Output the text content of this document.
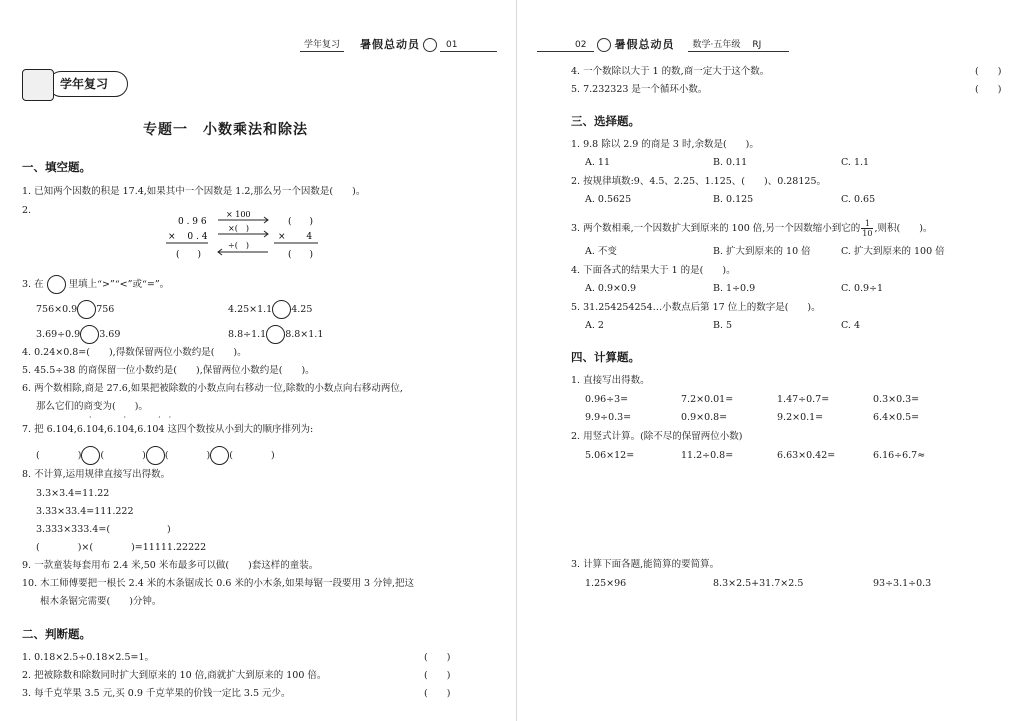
学年复习	暑假总动员	01
学年复习
专题一　小数乘法和除法
一、填空题。
1. 已知两个因数的积是 17.4,如果其中一个因数是 1.2,那么另一个因数是(　　)。
2.
0 . 9 6
× 　0 . 4
(　　)
× 100
×(　)
÷(　)
(　　)
× 　　4
(　　)
3. 在	里填上“>”“<”或“=”。
756×0.9 756	4.25×1.1 4.25
3.69÷0.9 3.69	8.8÷1.1 8.8×1.1
4. 0.24×0.8=(　　),得数保留两位小数约是(　　)。
5. 45.5÷38 的商保留一位小数约是(　　),保留两位小数约是(　　)。
6. 两个数相除,商是 27.6,如果把被除数的小数点向右移动一位,除数的小数点向右移动两位,
那么它们的商变为(　　)。
·　　　　·　　　　·　·
7. 把 6.104,6.104,6.104,6.104 这四个数按从小到大的顺序排列为:
(　　　　) (　　　　) (　　　　) (　　　　)
8. 不计算,运用规律直接写出得数。
3.3×3.4=11.22
3.33×33.4=111.222
3.333×333.4=(　　　　　　)
(　　　　)×(　　　　)=11111.22222
9. 一款童装每套用布 2.4 米,50 米布最多可以做(　　)套这样的童装。
10. 木工师傅要把一根长 2.4 米的木条锯成长 0.6 米的小木条,如果每锯一段要用 3 分钟,把这
根木条锯完需要(　　)分钟。
二、判断题。
1. 0.18×2.5÷0.18×2.5=1。	(　　)
2. 把被除数和除数同时扩大到原来的 10 倍,商就扩大到原来的 100 倍。	(　　)
3. 每千克苹果 3.5 元,买 0.9 千克苹果的价钱一定比 3.5 元少。	(　　)
02	暑假总动员	数学·五年级	RJ
4. 一个数除以大于 1 的数,商一定大于这个数。	(　　)
5. 7.232323 是一个循环小数。	(　　)
三、选择题。
1. 9.8 除以 2.9 的商是 3 时,余数是(　　)。
A. 11	B. 0.11	C. 1.1
2. 按规律填数:9、4.5、2.25、1.125、(　　)、0.28125。
A. 0.5625	B. 0.125	C. 0.65
3. 两个数相乘,一个因数扩大到原来的 100 倍,另一个因数缩小到它的 $\frac{1}{10}$ ,则积(　　)。
A. 不变	B. 扩大到原来的 10 倍	C. 扩大到原来的 100 倍
4. 下面各式的结果大于 1 的是(　　)。
A. 0.9×0.9	B. 1÷0.9	C. 0.9÷1
5. 31.254254254…小数点后第 17 位上的数字是(　　)。
A. 2	B. 5	C. 4
四、计算题。
1. 直接写出得数。
0.96÷3=	7.2×0.01=	1.47÷0.7=	0.3×0.3=
9.9÷0.3=	0.9×0.8=	9.2×0.1=	6.4×0.5=
2. 用竖式计算。(除不尽的保留两位小数)
5.06×12=	11.2÷0.8=	6.63×0.42=	6.16÷6.7≈
3. 计算下面各题,能简算的要简算。
1.25×96	8.3×2.5+31.7×2.5	93÷3.1÷0.3
